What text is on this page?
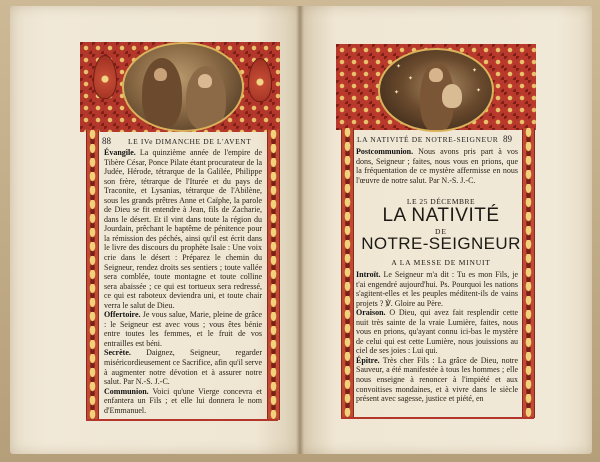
88 LE IVe DIMANCHE DE L'AVENT

Évangile. La quinzième année de l'empire de Tibère César, Ponce Pilate étant procurateur de la Judée, Hérode, tétrarque de la Galilée, Philippe son frère, tétrarque de l'Iturée et du pays de Traconite, et Lysanias, tétrarque de l'Abilène, sous les grands prêtres Anne et Caïphe, la parole de Dieu se fit entendre à Jean, fils de Zacharie, dans le désert. Et il vint dans toute la région du Jourdain, prêchant le baptême de pénitence pour la rémission des péchés, ainsi qu'il est écrit dans le livre des discours du prophète Isaïe : Une voix crie dans le désert : Préparez le chemin du Seigneur, rendez droits ses sentiers ; toute vallée sera comblée, toute montagne et toute colline sera abaissée ; ce qui est tortueux sera redressé, ce qui est raboteux deviendra uni, et toute chair verra le salut de Dieu.

Offertoire. Je vous salue, Marie, pleine de grâce : le Seigneur est avec vous ; vous êtes bénie entre toutes les femmes, et le fruit de vos entrailles est béni.

Secrète. Daignez, Seigneur, regarder miséricordieusement ce Sacrifice, afin qu'il serve à augmenter notre dévotion et à assurer notre salut. Par N.-S. J.-C.

Communion. Voici qu'une Vierge concevra et enfantera un Fils ; et elle lui donnera le nom d'Emmanuel.

✦
✦
✦
✦
✦
LA NATIVITÉ DE NOTRE-SEIGNEUR 89

Postcommunion. Nous avons pris part à vos dons, Seigneur ; faites, nous vous en prions, que la fréquentation de ce mystère affermisse en nous l'œuvre de notre salut. Par N.-S. J.-C.

LE 25 DÉCEMBRE
LA NATIVITÉ
DE
NOTRE-SEIGNEUR
A LA MESSE DE MINUIT

Introït. Le Seigneur m'a dit : Tu es mon Fils, je t'ai engendré aujourd'hui. Ps. Pourquoi les nations s'agitent-elles et les peuples méditent-ils de vains projets ? ℣. Gloire au Père.

Oraison. O Dieu, qui avez fait resplendir cette nuit très sainte de la vraie Lumière, faites, nous vous en prions, qu'ayant connu ici-bas le mystère de celui qui est cette Lumière, nous jouissions au ciel de ses joies : Lui qui.

Épître. Très cher Fils : La grâce de Dieu, notre Sauveur, a été manifestée à tous les hommes ; elle nous enseigne à renoncer à l'impiété et aux convoitises mondaines, et à vivre dans le siècle présent avec sagesse, justice et piété, en
